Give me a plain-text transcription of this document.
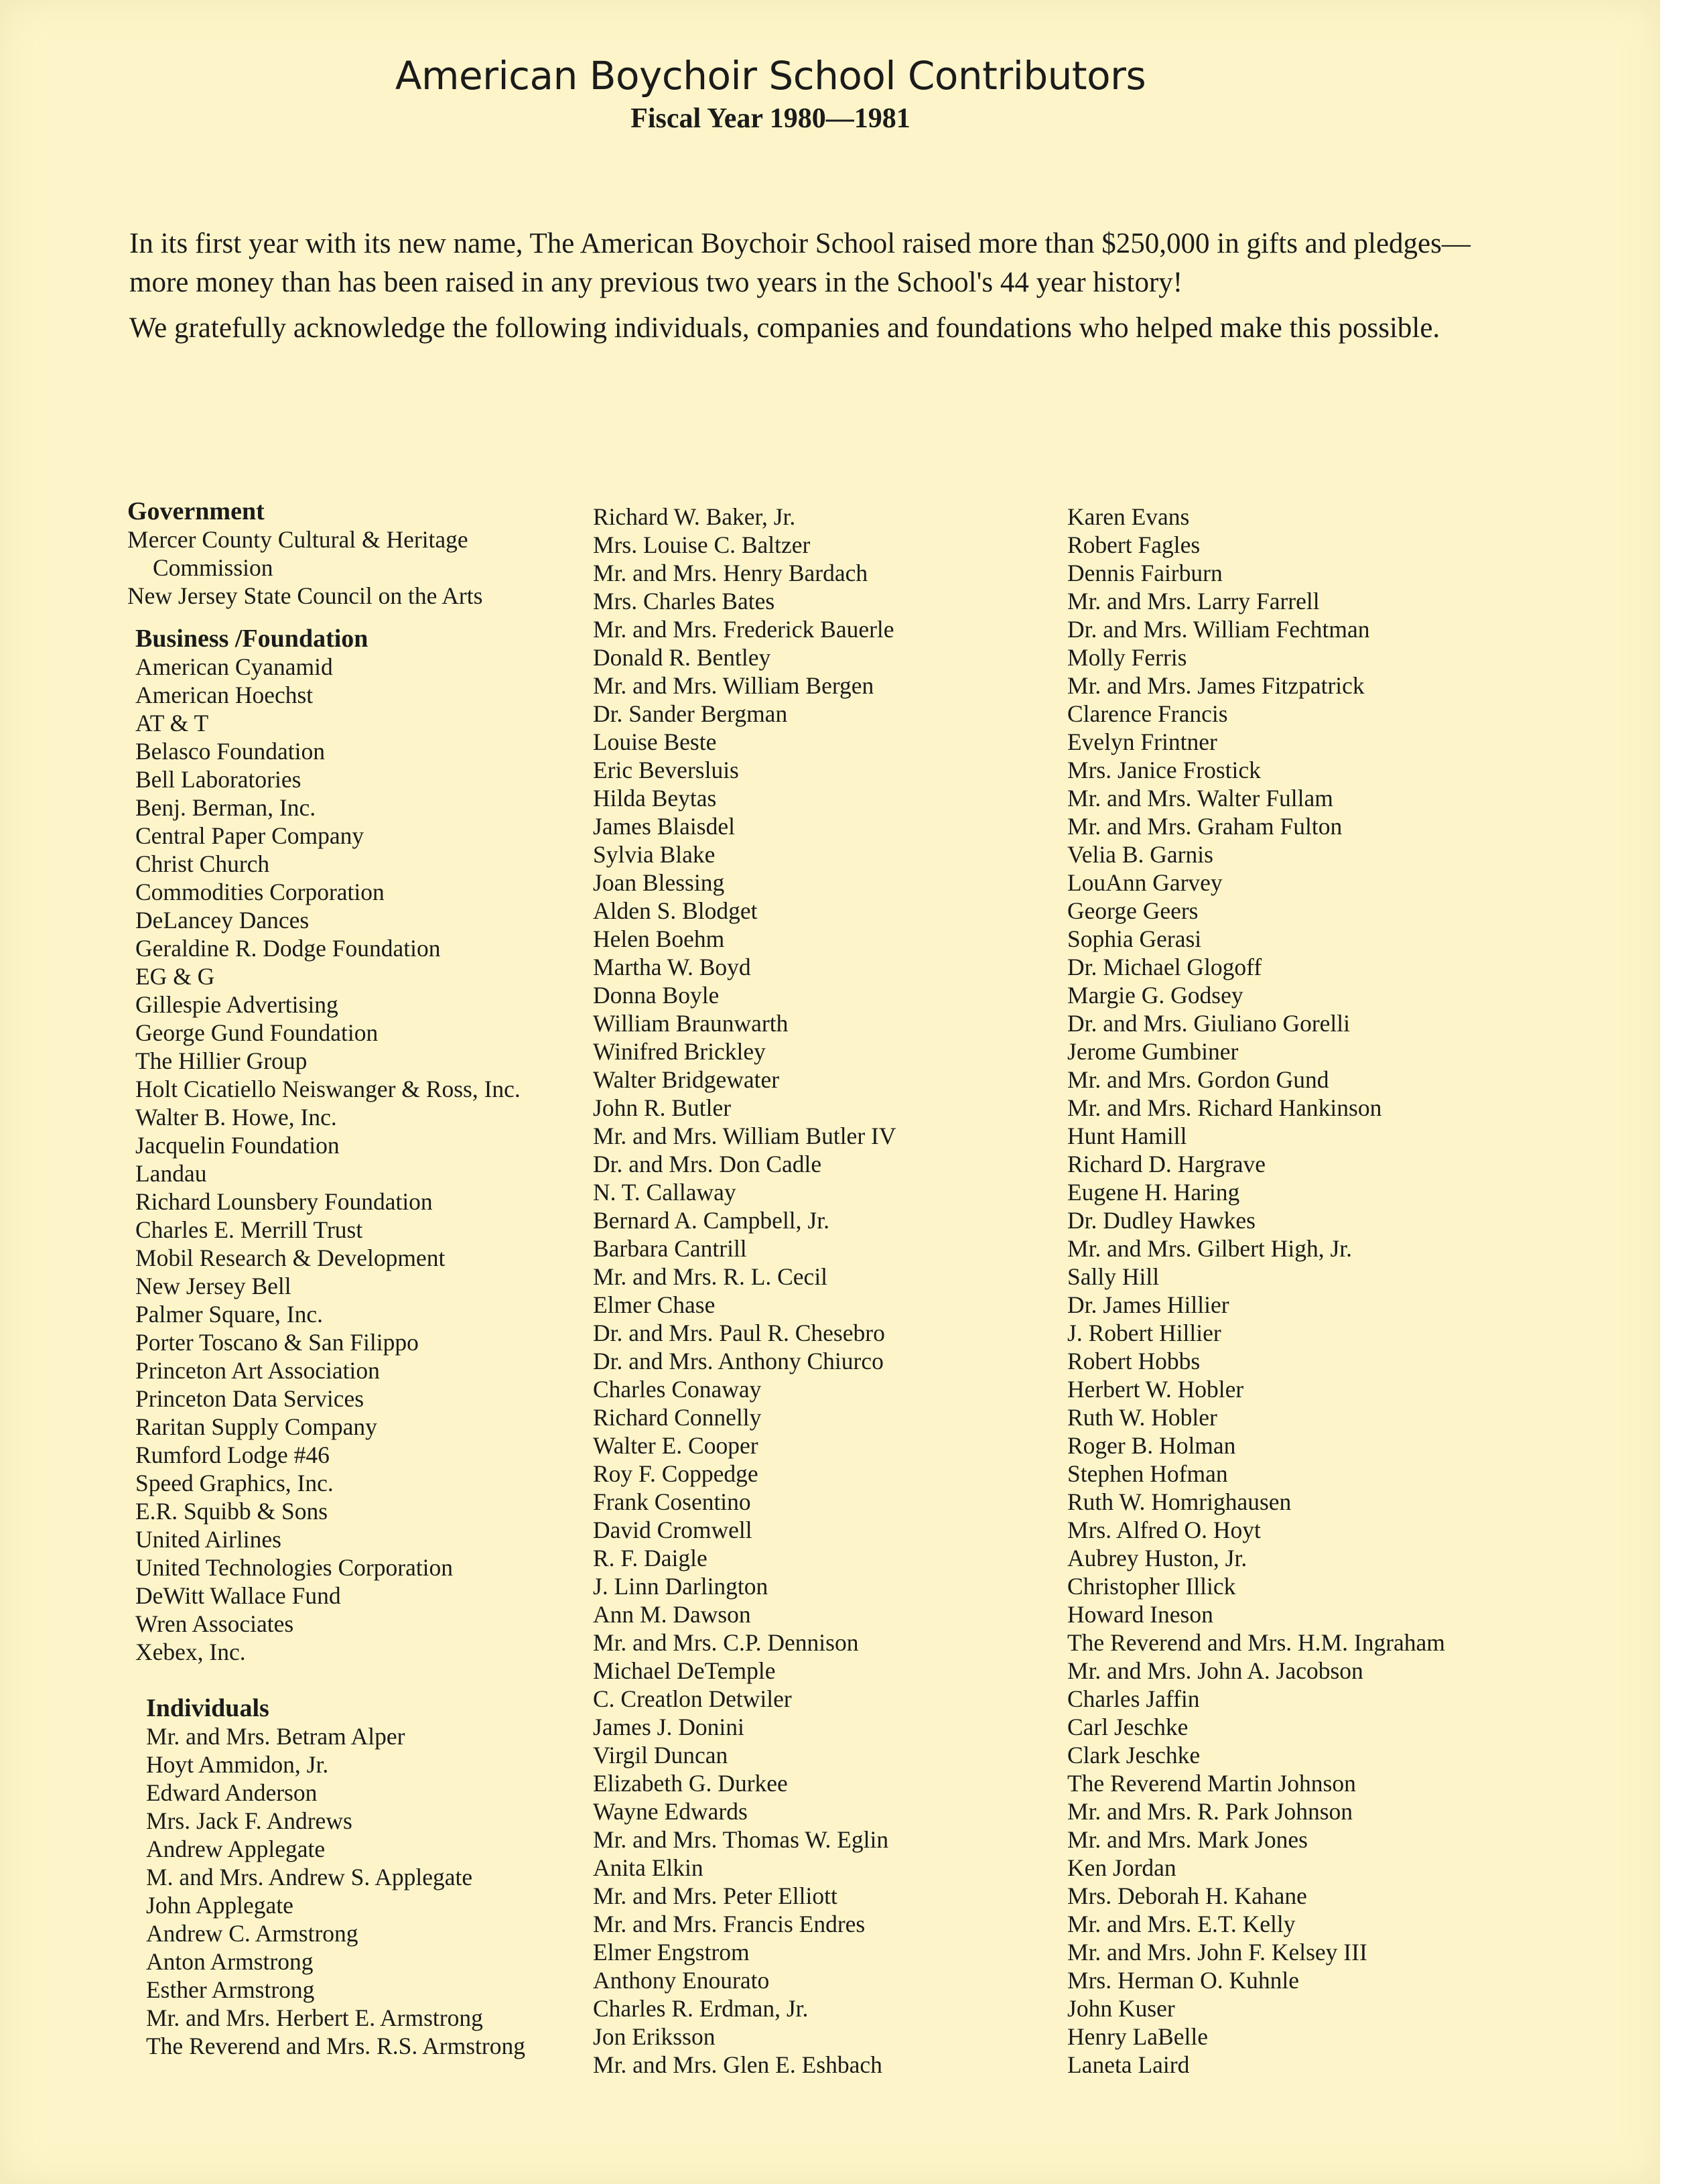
American Boychoir School Contributors
Fiscal Year 1980—1981

In its first year with its new name, The American Boychoir School raised more than $250,000 in gifts and pledges—more money than has been raised in any previous two years in the School's 44 year history!

We gratefully acknowledge the following individuals, companies and foundations who helped make this possible.

Government
Mercer County Cultural & Heritage
Commission
New Jersey State Council on the Arts
Business /Foundation
American Cyanamid
American Hoechst
AT & T
Belasco Foundation
Bell Laboratories
Benj. Berman, Inc.
Central Paper Company
Christ Church
Commodities Corporation
DeLancey Dances
Geraldine R. Dodge Foundation
EG & G
Gillespie Advertising
George Gund Foundation
The Hillier Group
Holt Cicatiello Neiswanger & Ross, Inc.
Walter B. Howe, Inc.
Jacquelin Foundation
Landau
Richard Lounsbery Foundation
Charles E. Merrill Trust
Mobil Research & Development
New Jersey Bell
Palmer Square, Inc.
Porter Toscano & San Filippo
Princeton Art Association
Princeton Data Services
Raritan Supply Company
Rumford Lodge #46
Speed Graphics, Inc.
E.R. Squibb & Sons
United Airlines
United Technologies Corporation
DeWitt Wallace Fund
Wren Associates
Xebex, Inc.
Individuals
Mr. and Mrs. Betram Alper
Hoyt Ammidon, Jr.
Edward Anderson
Mrs. Jack F. Andrews
Andrew Applegate
M. and Mrs. Andrew S. Applegate
John Applegate
Andrew C. Armstrong
Anton Armstrong
Esther Armstrong
Mr. and Mrs. Herbert E. Armstrong
The Reverend and Mrs. R.S. Armstrong
Richard W. Baker, Jr.
Mrs. Louise C. Baltzer
Mr. and Mrs. Henry Bardach
Mrs. Charles Bates
Mr. and Mrs. Frederick Bauerle
Donald R. Bentley
Mr. and Mrs. William Bergen
Dr. Sander Bergman
Louise Beste
Eric Beversluis
Hilda Beytas
James Blaisdel
Sylvia Blake
Joan Blessing
Alden S. Blodget
Helen Boehm
Martha W. Boyd
Donna Boyle
William Braunwarth
Winifred Brickley
Walter Bridgewater
John R. Butler
Mr. and Mrs. William Butler IV
Dr. and Mrs. Don Cadle
N. T. Callaway
Bernard A. Campbell, Jr.
Barbara Cantrill
Mr. and Mrs. R. L. Cecil
Elmer Chase
Dr. and Mrs. Paul R. Chesebro
Dr. and Mrs. Anthony Chiurco
Charles Conaway
Richard Connelly
Walter E. Cooper
Roy F. Coppedge
Frank Cosentino
David Cromwell
R. F. Daigle
J. Linn Darlington
Ann M. Dawson
Mr. and Mrs. C.P. Dennison
Michael DeTemple
C. Creatlon Detwiler
James J. Donini
Virgil Duncan
Elizabeth G. Durkee
Wayne Edwards
Mr. and Mrs. Thomas W. Eglin
Anita Elkin
Mr. and Mrs. Peter Elliott
Mr. and Mrs. Francis Endres
Elmer Engstrom
Anthony Enourato
Charles R. Erdman, Jr.
Jon Eriksson
Mr. and Mrs. Glen E. Eshbach
Karen Evans
Robert Fagles
Dennis Fairburn
Mr. and Mrs. Larry Farrell
Dr. and Mrs. William Fechtman
Molly Ferris
Mr. and Mrs. James Fitzpatrick
Clarence Francis
Evelyn Frintner
Mrs. Janice Frostick
Mr. and Mrs. Walter Fullam
Mr. and Mrs. Graham Fulton
Velia B. Garnis
LouAnn Garvey
George Geers
Sophia Gerasi
Dr. Michael Glogoff
Margie G. Godsey
Dr. and Mrs. Giuliano Gorelli
Jerome Gumbiner
Mr. and Mrs. Gordon Gund
Mr. and Mrs. Richard Hankinson
Hunt Hamill
Richard D. Hargrave
Eugene H. Haring
Dr. Dudley Hawkes
Mr. and Mrs. Gilbert High, Jr.
Sally Hill
Dr. James Hillier
J. Robert Hillier
Robert Hobbs
Herbert W. Hobler
Ruth W. Hobler
Roger B. Holman
Stephen Hofman
Ruth W. Homrighausen
Mrs. Alfred O. Hoyt
Aubrey Huston, Jr.
Christopher Illick
Howard Ineson
The Reverend and Mrs. H.M. Ingraham
Mr. and Mrs. John A. Jacobson
Charles Jaffin
Carl Jeschke
Clark Jeschke
The Reverend Martin Johnson
Mr. and Mrs. R. Park Johnson
Mr. and Mrs. Mark Jones
Ken Jordan
Mrs. Deborah H. Kahane
Mr. and Mrs. E.T. Kelly
Mr. and Mrs. John F. Kelsey III
Mrs. Herman O. Kuhnle
John Kuser
Henry LaBelle
Laneta Laird
